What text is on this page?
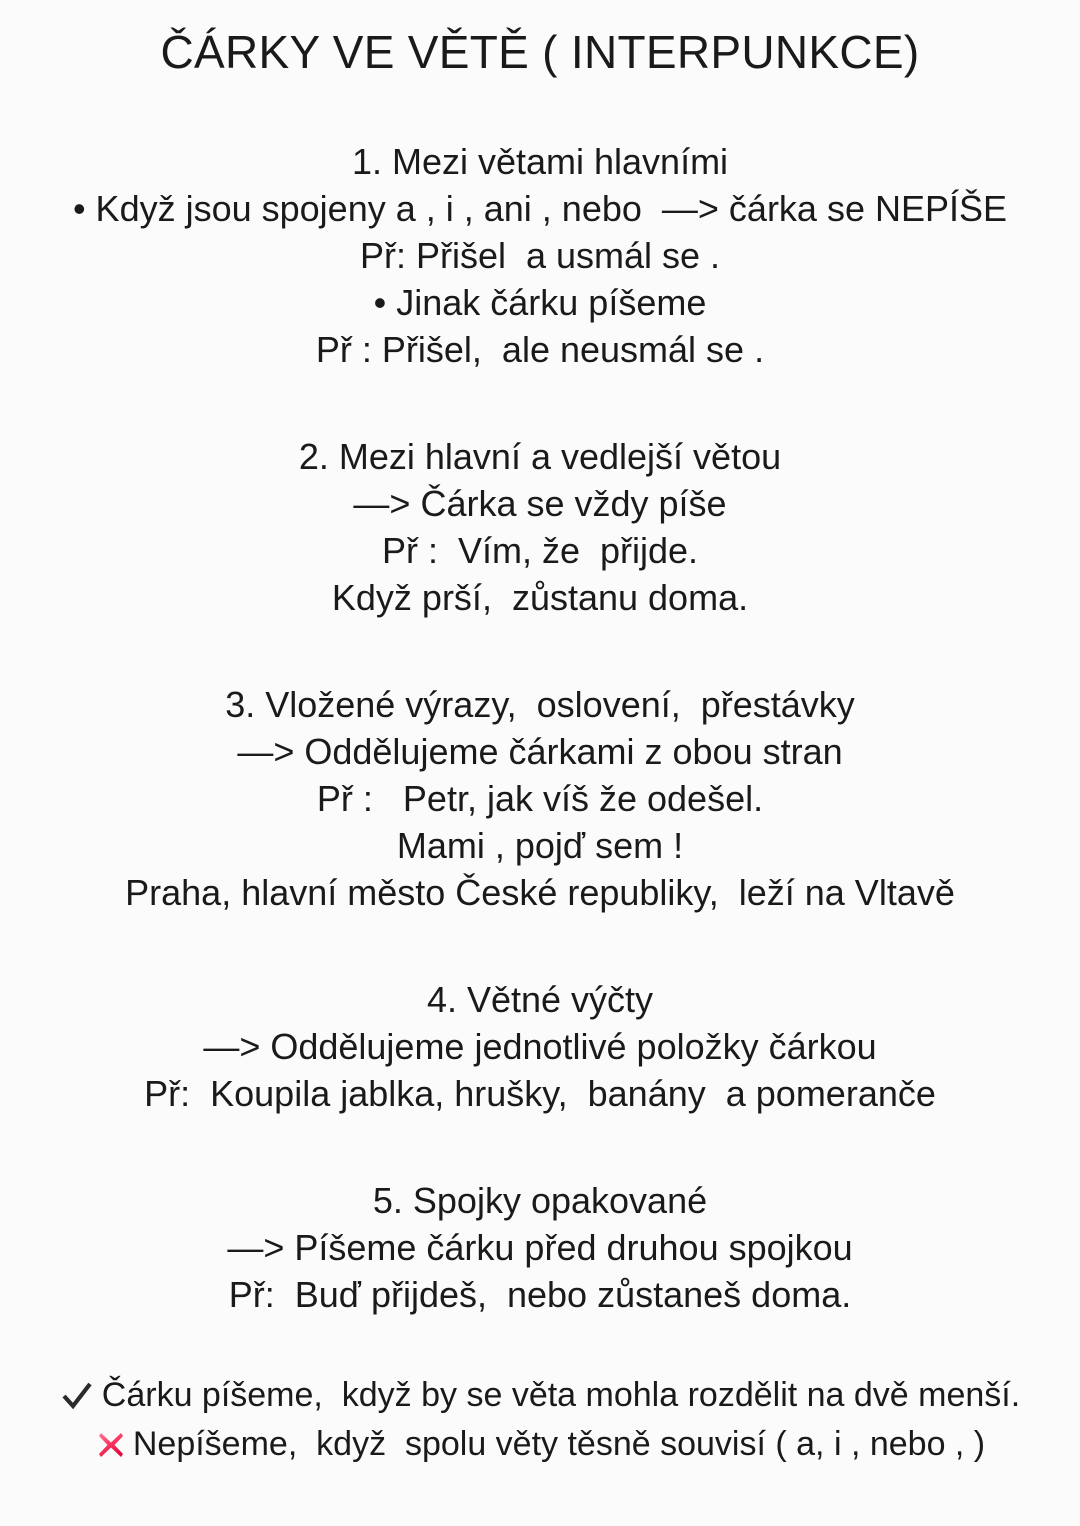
ČÁRKY VE VĚTĚ ( INTERPUNKCE)
1. Mezi větami hlavními
• Když jsou spojeny a , i , ani , nebo  —> čárka se NEPÍŠE
Př: Přišel  a usmál se .
• Jinak čárku píšeme
Př : Přišel,  ale neusmál se .
2. Mezi hlavní a vedlejší větou
—> Čárka se vždy píše
Př :  Vím, že  přijde.
Když prší,  zůstanu doma.
3. Vložené výrazy,  oslovení,  přestávky
—> Oddělujeme čárkami z obou stran
Př :   Petr, jak víš že odešel.
Mami , pojď sem !
Praha, hlavní město České republiky,  leží na Vltavě
4. Větné výčty
—> Oddělujeme jednotlivé položky čárkou
Př:  Koupila jablka, hrušky,  banány  a pomeranče
5. Spojky opakované
—> Píšeme čárku před druhou spojkou
Př:  Buď přijdeš,  nebo zůstaneš doma.
Čárku píšeme,  když by se věta mohla rozdělit na dvě menší.
Nepíšeme,  když  spolu věty těsně souvisí ( a, i , nebo , )
